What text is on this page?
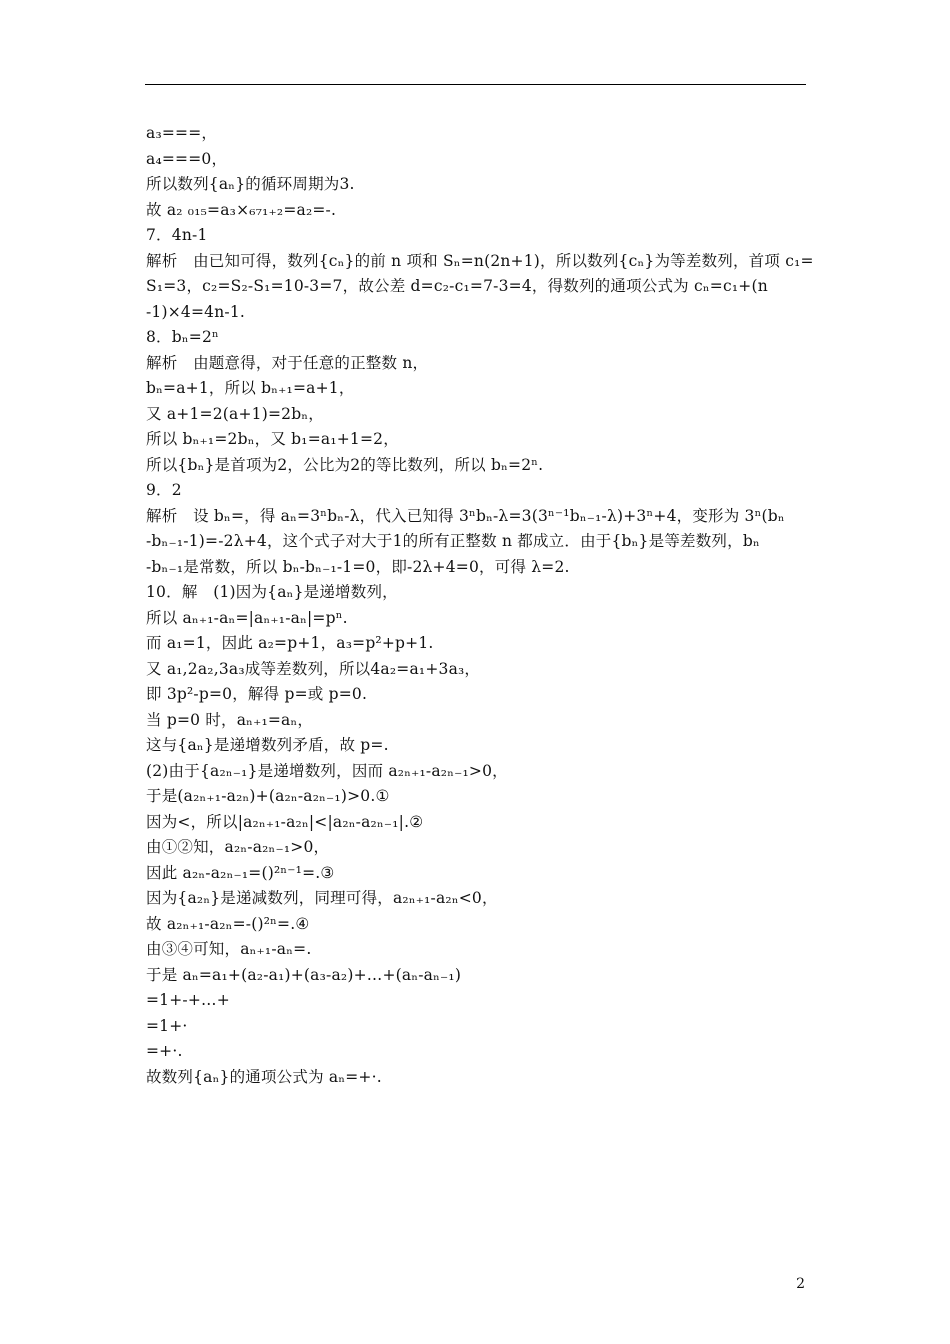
a₃===，
a₄===0，
所以数列{aₙ}的循环周期为3.
故 a₂ ₀₁₅=a₃×₆₇₁₊₂=a₂=-.
7．4n-1
解析　由已知可得，数列{cₙ}的前 n 项和 Sₙ=n(2n+1)，所以数列{cₙ}为等差数列，首项 c₁=
S₁=3，c₂=S₂-S₁=10-3=7，故公差 d=c₂-c₁=7-3=4，得数列的通项公式为 cₙ=c₁+(n
-1)×4=4n-1.
8．bₙ=2ⁿ
解析　由题意得，对于任意的正整数 n，
bₙ=a+1，所以 bₙ₊₁=a+1，
又 a+1=2(a+1)=2bₙ，
所以 bₙ₊₁=2bₙ，又 b₁=a₁+1=2，
所以{bₙ}是首项为2，公比为2的等比数列，所以 bₙ=2ⁿ.
9．2
解析　设 bₙ=，得 aₙ=3ⁿbₙ-λ，代入已知得 3ⁿbₙ-λ=3(3ⁿ⁻¹bₙ₋₁-λ)+3ⁿ+4，变形为 3ⁿ(bₙ
-bₙ₋₁-1)=-2λ+4，这个式子对大于1的所有正整数 n 都成立．由于{bₙ}是等差数列，bₙ
-bₙ₋₁是常数，所以 bₙ-bₙ₋₁-1=0，即-2λ+4=0，可得 λ=2.
10．解　(1)因为{aₙ}是递增数列，
所以 aₙ₊₁-aₙ=|aₙ₊₁-aₙ|=pⁿ.
而 a₁=1，因此 a₂=p+1，a₃=p²+p+1.
又 a₁,2a₂,3a₃成等差数列，所以4a₂=a₁+3a₃，
即 3p²-p=0，解得 p=或 p=0.
当 p=0 时，aₙ₊₁=aₙ，
这与{aₙ}是递增数列矛盾，故 p=.
(2)由于{a₂ₙ₋₁}是递增数列，因而 a₂ₙ₊₁-a₂ₙ₋₁>0，
于是(a₂ₙ₊₁-a₂ₙ)+(a₂ₙ-a₂ₙ₋₁)>0.①
因为<，所以|a₂ₙ₊₁-a₂ₙ|<|a₂ₙ-a₂ₙ₋₁|.②
由①②知，a₂ₙ-a₂ₙ₋₁>0，
因此 a₂ₙ-a₂ₙ₋₁=()²ⁿ⁻¹=.③
因为{a₂ₙ}是递减数列，同理可得，a₂ₙ₊₁-a₂ₙ<0，
故 a₂ₙ₊₁-a₂ₙ=-()²ⁿ=.④
由③④可知，aₙ₊₁-aₙ=.
于是 aₙ=a₁+(a₂-a₁)+(a₃-a₂)+…+(aₙ-aₙ₋₁)
=1+-+…+
=1+·
=+·.
故数列{aₙ}的通项公式为 aₙ=+·.
2
